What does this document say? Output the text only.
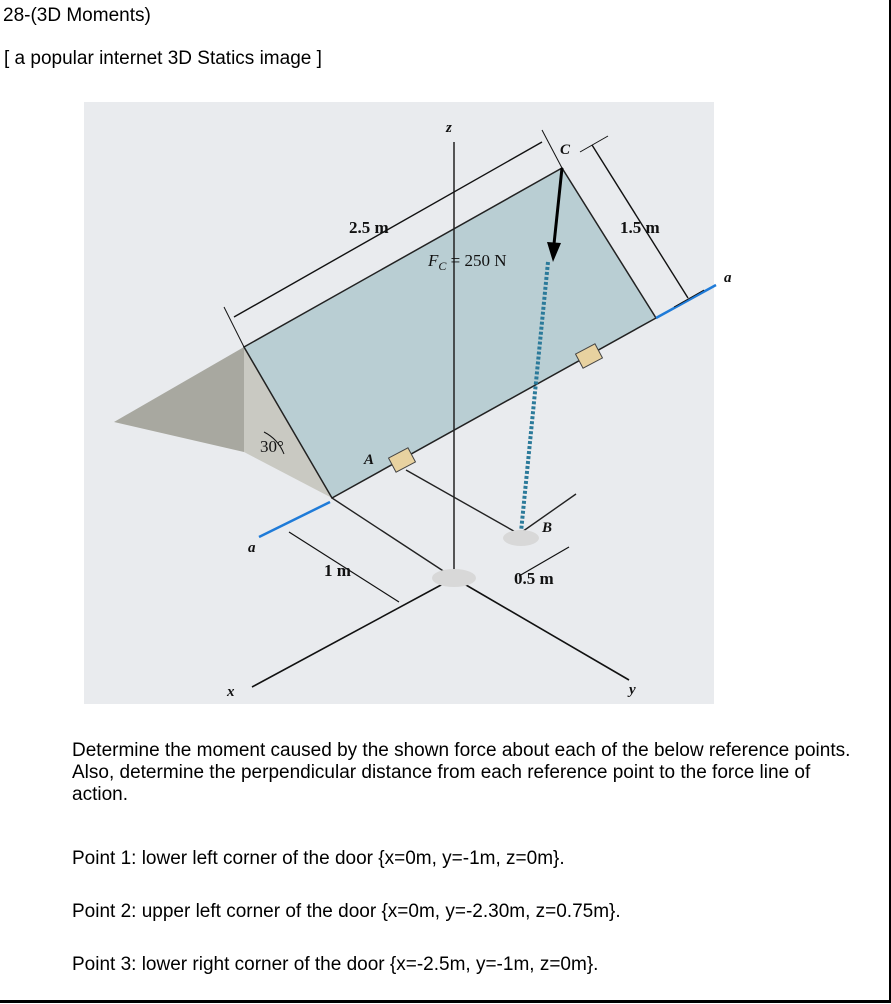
28-(3D Moments)
[ a popular internet 3D Statics image ]
2.5 m	1.5 m
1 m	0.5 m
30°
z
x	y
a
a
C
A
B
$F_C = 250$ N

Determine the moment caused by the shown force about each of the below reference points. Also, determine the perpendicular distance from each reference point to the force line of action.

Point 1: lower left corner of the door {x=0m, y=-1m, z=0m}.
Point 2: upper left corner of the door {x=0m, y=-2.30m, z=0.75m}.
Point 3: lower right corner of the door {x=-2.5m, y=-1m, z=0m}.
